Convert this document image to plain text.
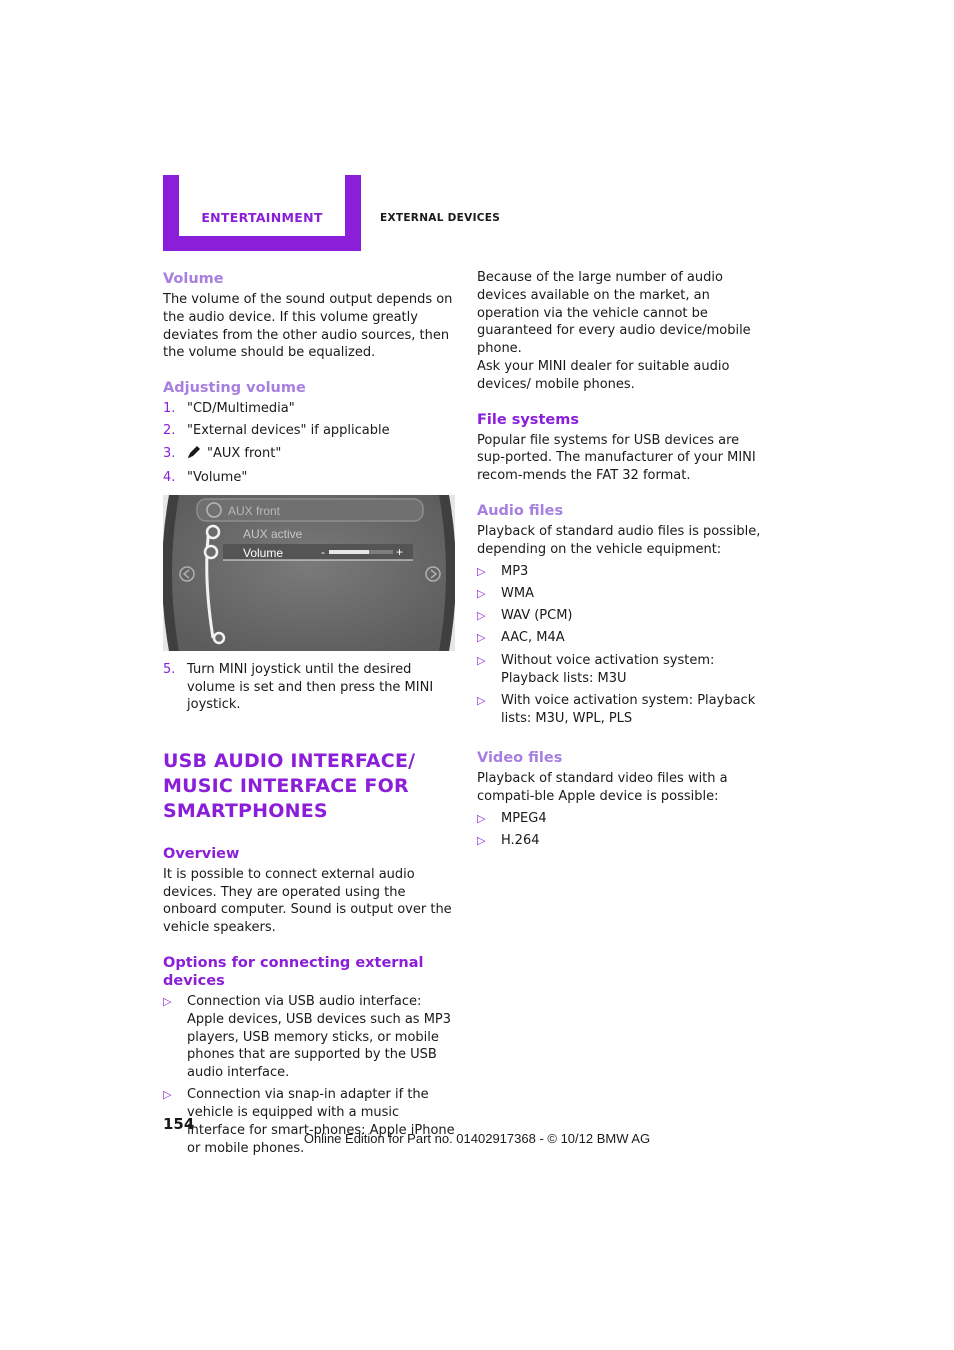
ENTERTAINMENT	EXTERNAL DEVICES
Volume

The volume of the sound output depends on the audio device. If this volume greatly deviates from the other audio sources, then the volume should be equalized.

Adjusting volume
1. "CD/Multimedia"
2. "External devices" if applicable
3. "AUX front"
4. "Volume"
AUX front
AUX active
Volume	-	+
5. Turn MINI joystick until the desired volume is set and then press the MINI joystick.
USB AUDIO INTERFACE/ MUSIC INTERFACE FOR SMARTPHONES
Overview

It is possible to connect external audio devices. They are operated using the onboard computer. Sound is output over the vehicle speakers.

Options for connecting external devices
▷ Connection via USB audio interface: Apple devices, USB devices such as MP3 players, USB memory sticks, or mobile phones that are supported by the USB audio interface.
▷ Connection via snap-in adapter if the vehicle is equipped with a music interface for smart-phones: Apple iPhone or mobile phones.

Because of the large number of audio devices available on the market, an operation via the vehicle cannot be guaranteed for every audio device/mobile phone.

Ask your MINI dealer for suitable audio devices/ mobile phones.

File systems

Popular file systems for USB devices are sup-ported. The manufacturer of your MINI recom-mends the FAT 32 format.

Audio files

Playback of standard audio files is possible, depending on the vehicle equipment:

▷ MP3
▷ WMA
▷ WAV (PCM)
▷ AAC, M4A
▷ Without voice activation system: Playback lists: M3U
▷ With voice activation system: Playback lists: M3U, WPL, PLS
Video files

Playback of standard video files with a compati-ble Apple device is possible:

▷ MPEG4
▷ H.264
154
Online Edition for Part no. 01402917368 - © 10/12 BMW AG
